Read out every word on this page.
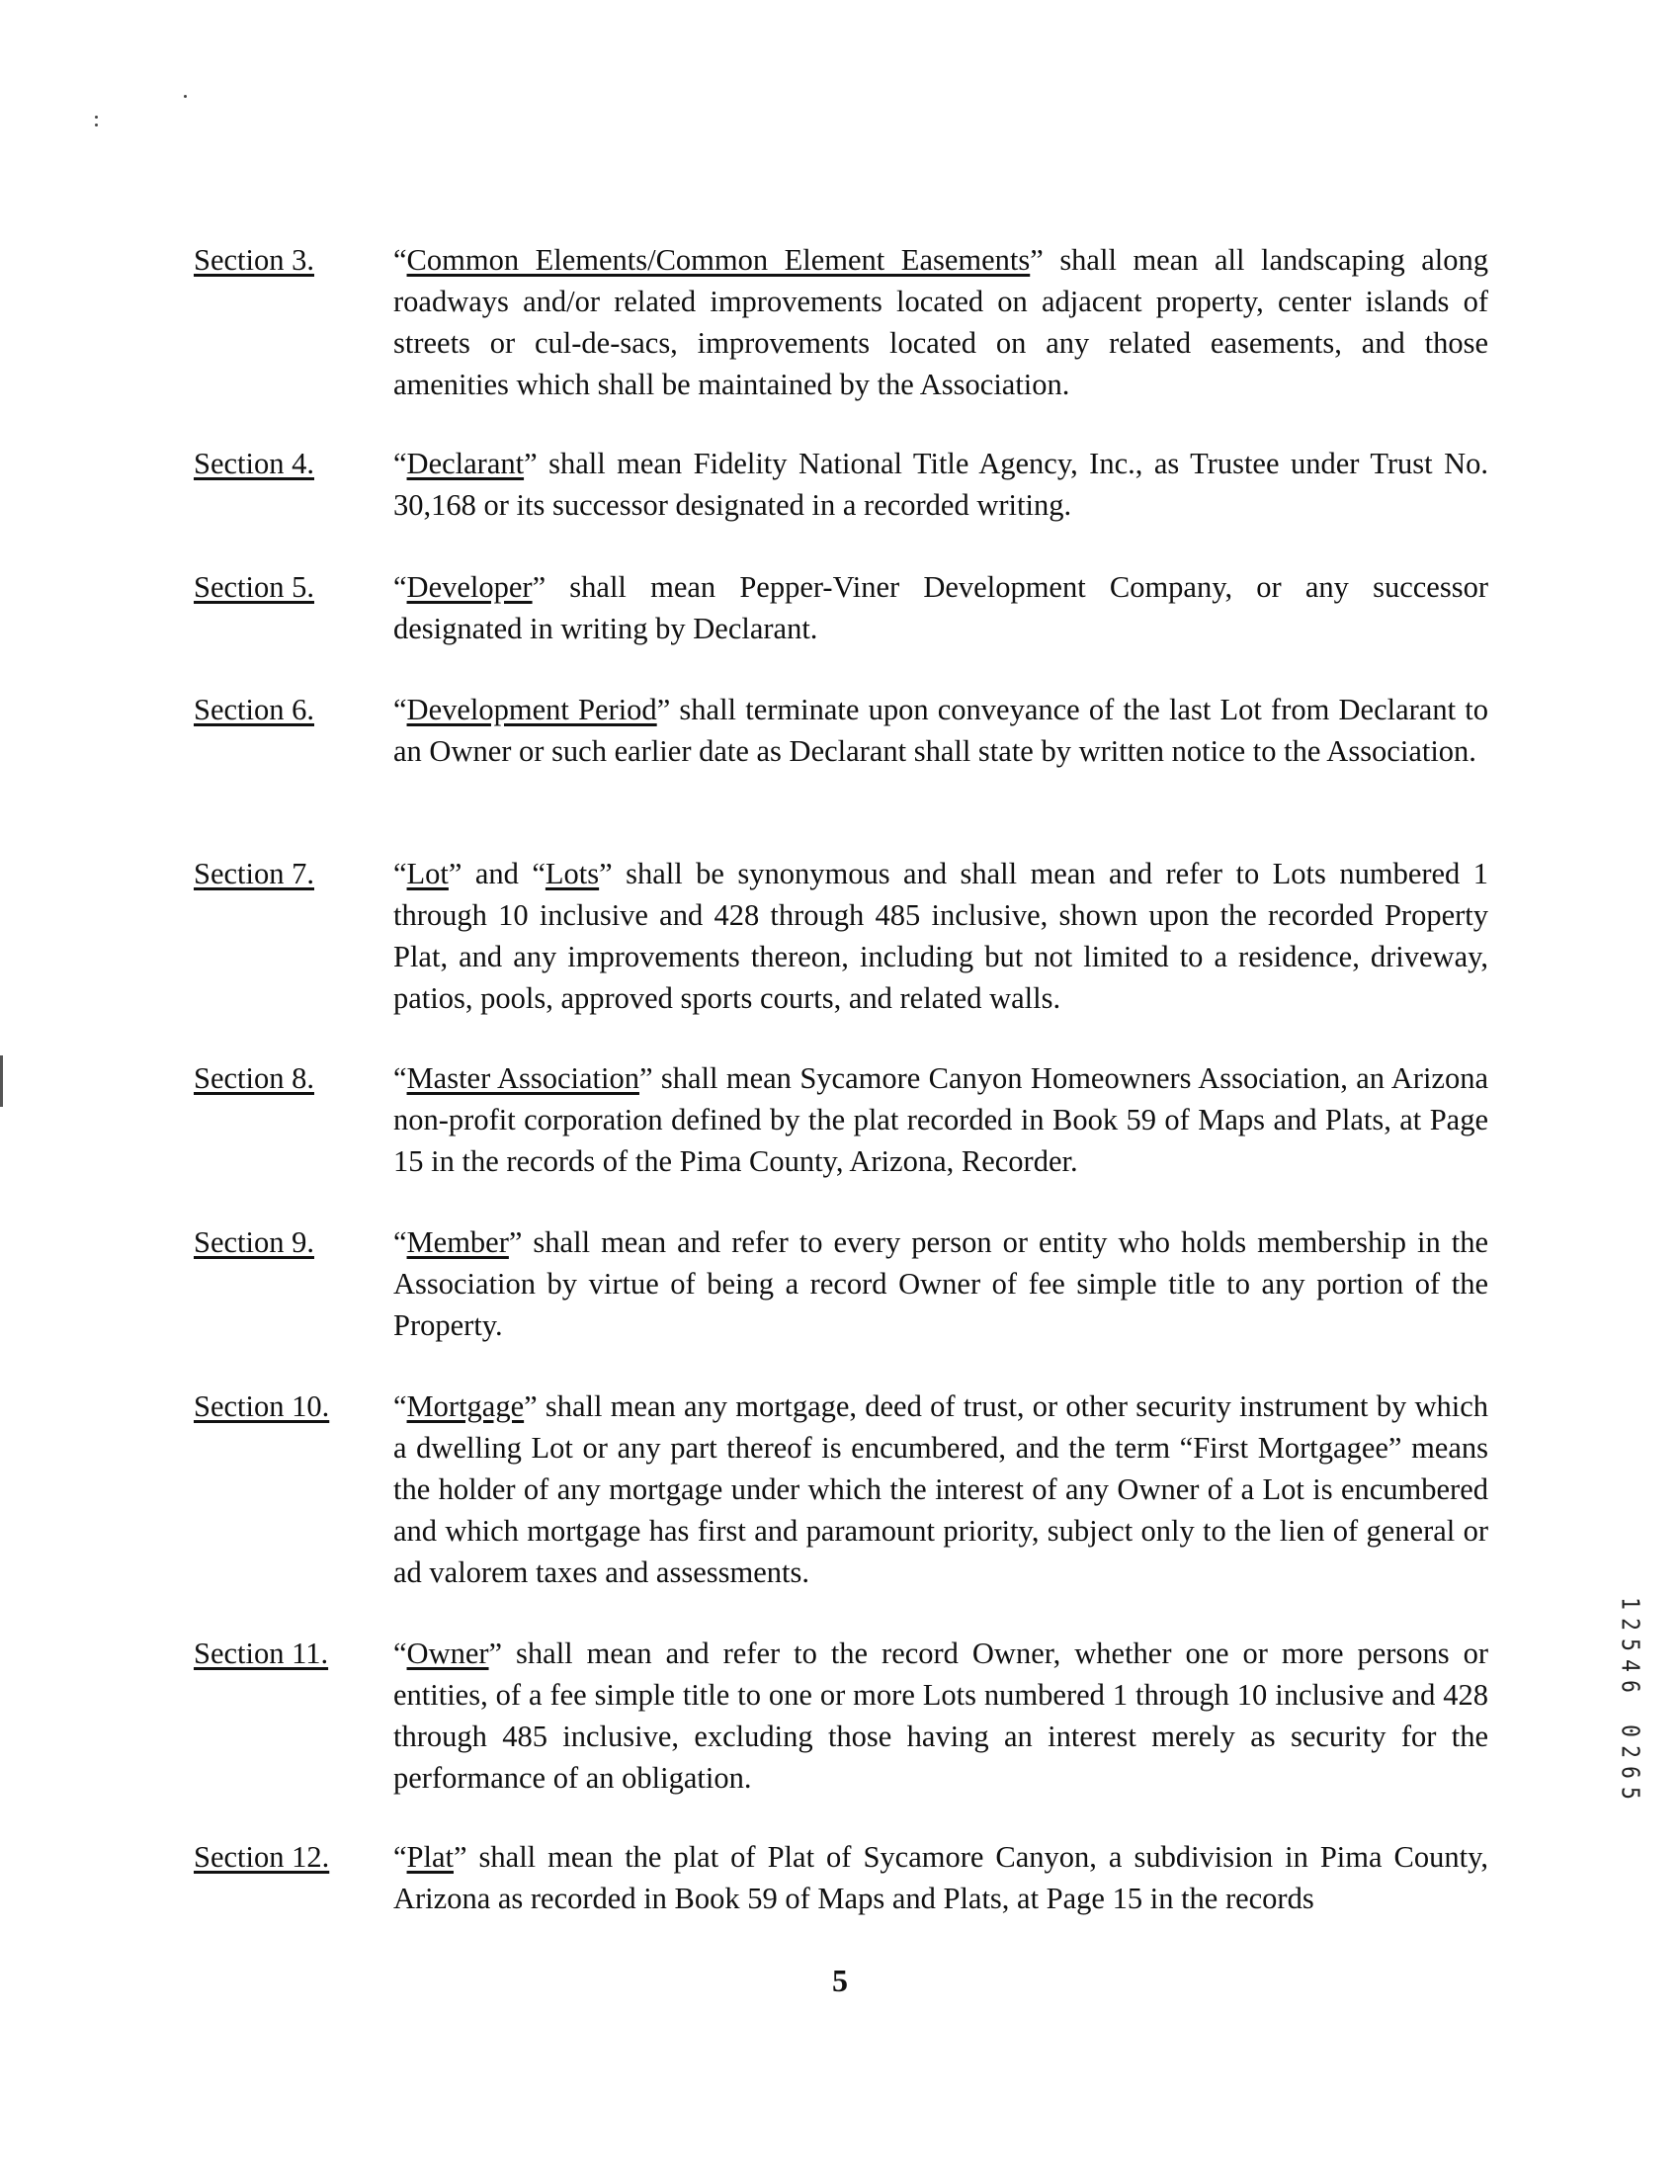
Section 3.	“Common Elements/Common Element Easements” shall mean all landscaping along roadways and/or related improvements located on adjacent property, center islands of streets or cul-de-sacs, improvements located on any related easements, and those amenities which shall be maintained by the Association.
Section 4.	“Declarant” shall mean Fidelity National Title Agency, Inc., as Trustee under Trust No. 30,168 or its successor designated in a recorded writing.
Section 5.	“Developer” shall mean Pepper-Viner Development Company, or any successor designated in writing by Declarant.
Section 6.	“Development Period” shall terminate upon conveyance of the last Lot from Declarant to an Owner or such earlier date as Declarant shall state by written notice to the Association.
Section 7.	“Lot” and “Lots” shall be synonymous and shall mean and refer to Lots numbered 1 through 10 inclusive and 428 through 485 inclusive, shown upon the recorded Property Plat, and any improvements thereon, including but not limited to a residence, driveway, patios, pools, approved sports courts, and related walls.
Section 8.	“Master Association” shall mean Sycamore Canyon Homeowners Association, an Arizona non-profit corporation defined by the plat recorded in Book 59 of Maps and Plats, at Page 15 in the records of the Pima County, Arizona, Recorder.
Section 9.	“Member” shall mean and refer to every person or entity who holds membership in the Association by virtue of being a record Owner of fee simple title to any portion of the Property.
Section 10. “Mortgage” shall mean any mortgage, deed of trust, or other security instrument by which a dwelling Lot or any part thereof is encumbered, and the term “First Mortgagee” means the holder of any mortgage under which the interest of any Owner of a Lot is encumbered and which mortgage has first and paramount priority, subject only to the lien of general or ad valorem taxes and assessments.
Section 11. “Owner” shall mean and refer to the record Owner, whether one or more persons or entities, of a fee simple title to one or more Lots numbered 1 through 10 inclusive and 428 through 485 inclusive, excluding those having an interest merely as security for the performance of an obligation.
Section 12. “Plat” shall mean the plat of Plat of Sycamore Canyon, a subdivision in Pima County, Arizona as recorded in Book 59 of Maps and Plats, at Page 15 in the records
5
1
2
5
4
6
0
2
6
5
